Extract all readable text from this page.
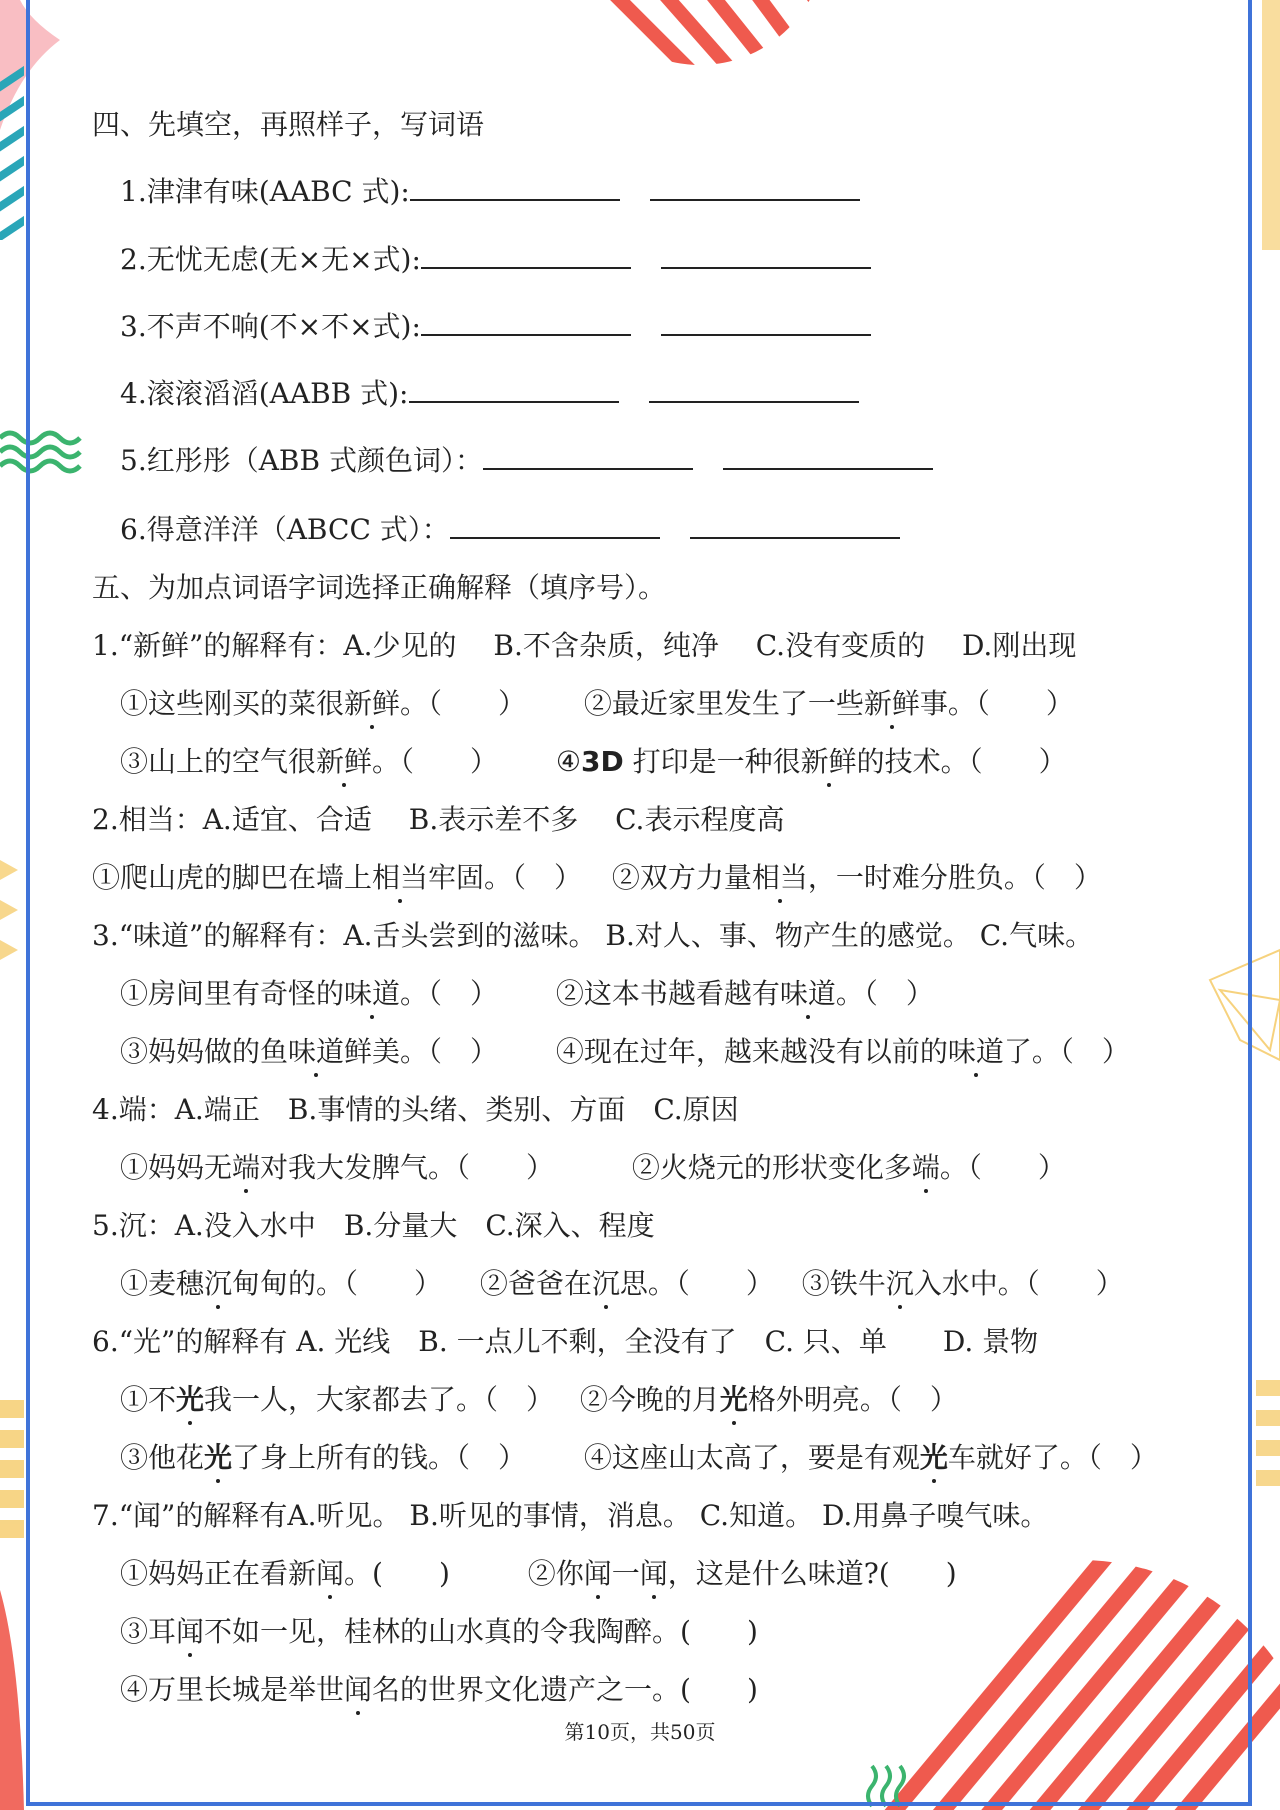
四、先填空，再照样子，写词语
1.津津有味(AABC 式):
2.无忧无虑(无×无×式):
3.不声不响(不×不×式):
4.滚滚滔滔(AABB 式):
5.红彤彤（ABB 式颜色词）：
6.得意洋洋（ABCC 式）：
五、为加点词语字词选择正确解释（填序号）。
1.“新鲜”的解释有：A.少见的　 B.不含杂质，纯净　 C.没有变质的　 D.刚出现
①这些刚买的菜很新鲜。（　　） ②最近家里发生了一些新鲜事。（　　）
③山上的空气很新鲜。（　　） ④3D 打印是一种很新鲜的技术。（　　）
2.相当：A.适宜、合适　 B.表示差不多　 C.表示程度高
①爬山虎的脚巴在墙上相当牢固。（　） ②双方力量相当，一时难分胜负。（　）
3.“味道”的解释有：A.舌头尝到的滋味。 B.对人、事、物产生的感觉。 C.气味。
①房间里有奇怪的味道。（　） ②这本书越看越有味道。（　）
③妈妈做的鱼味道鲜美。（　） ④现在过年，越来越没有以前的味道了。（　）
4.端：A.端正　B.事情的头绪、类别、方面　C.原因
①妈妈无端对我大发脾气。（　　）	②火烧元的形状变化多端。（　　）
5.沉：A.没入水中　B.分量大　C.深入、程度
①麦穗沉甸甸的。（　　） ②爸爸在沉思。（　　） ③铁牛沉入水中。（　　）
6.“光”的解释有 A. 光线　B. 一点儿不剩，全没有了　C. 只、单　　D. 景物
①不光我一人，大家都去了。（　） ②今晚的月光格外明亮。（　）
③他花光了身上所有的钱。（　） ④这座山太高了，要是有观光车就好了。（　）
7.“闻”的解释有A.听见。 B.听见的事情，消息。 C.知道。 D.用鼻子嗅气味。
①妈妈正在看新闻。(　　)	②你闻一闻，这是什么味道?(　　)
③耳闻不如一见，桂林的山水真的令我陶醉。(　　)
④万里长城是举世闻名的世界文化遗产之一。(　　)
第10页，共50页
